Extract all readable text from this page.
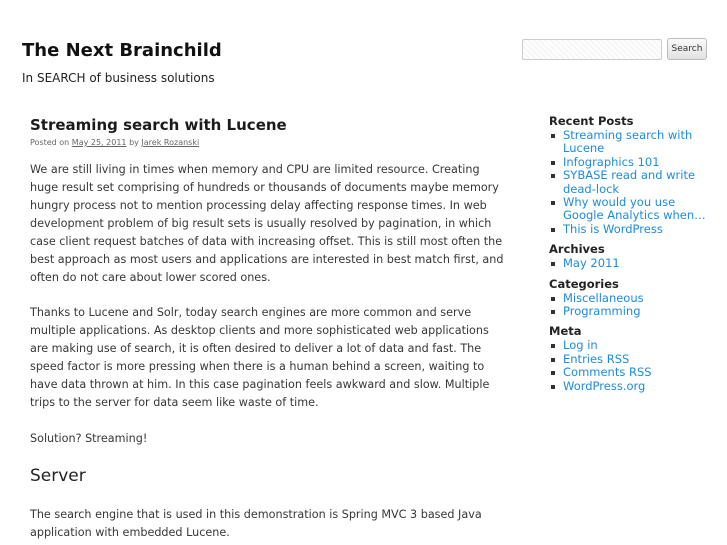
The Next Brainchild

In SEARCH of business solutions

Search
Streaming search with Lucene
Posted on May 25, 2011 by Jarek Rozanski

We are still living in times when memory and CPU are limited resource. Creating huge result set comprising of hundreds or thousands of documents maybe memory hungry process not to mention processing delay affecting response times. In web development problem of big result sets is usually resolved by pagination, in which case client request batches of data with increasing offset. This is still most often the best approach as most users and applications are interested in best match first, and often do not care about lower scored ones.

Thanks to Lucene and Solr, today search engines are more common and serve multiple applications. As desktop clients and more sophisticated web applications are making use of search, it is often desired to deliver a lot of data and fast. The speed factor is more pressing when there is a human behind a screen, waiting to have data thrown at him. In this case pagination feels awkward and slow. Multiple trips to the server for data seem like waste of time.

Solution? Streaming!

Server

The search engine that is used in this demonstration is Spring MVC 3 based Java application with embedded Lucene.

Recent Posts
Streaming search with Lucene
Infographics 101
SYBASE read and write dead-lock
Why would you use Google Analytics when…
This is WordPress
Archives
May 2011
Categories
Miscellaneous
Programming
Meta
Log in
Entries RSS
Comments RSS
WordPress.org
